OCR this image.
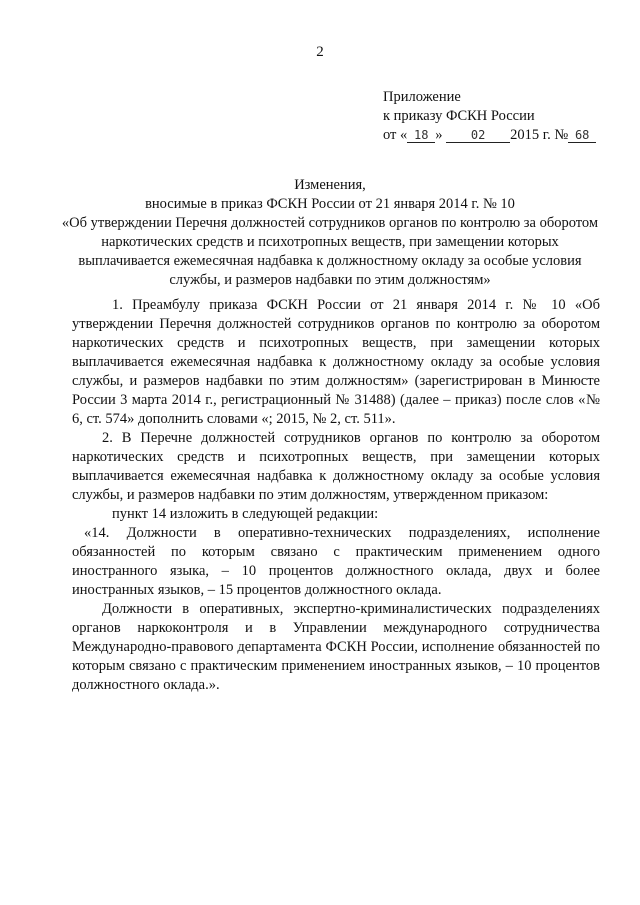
2
Приложение
к приказу ФСКН России
от « 18 » 02 2015 г. № 68
Изменения,
вносимые в приказ ФСКН России от 21 января 2014 г. № 10
«Об утверждении Перечня должностей сотрудников органов по контролю за оборотом наркотических средств и психотропных веществ, при замещении которых выплачивается ежемесячная надбавка к должностному окладу за особые условия службы, и размеров надбавки по этим должностям»

1. Преамбулу приказа ФСКН России от 21 января 2014 г. № 10 «Об утверждении Перечня должностей сотрудников органов по контролю за оборотом наркотических средств и психотропных веществ, при замещении которых выплачивается ежемесячная надбавка к должностному окладу за особые условия службы, и размеров надбавки по этим должностям» (зарегистрирован в Минюсте России 3 марта 2014 г., регистрационный № 31488) (далее – приказ) после слов «№ 6, ст. 574» дополнить словами «; 2015, № 2, ст. 511».

2. В Перечне должностей сотрудников органов по контролю за оборотом наркотических средств и психотропных веществ, при замещении которых выплачивается ежемесячная надбавка к должностному окладу за особые условия службы, и размеров надбавки по этим должностям, утвержденном приказом:

пункт 14 изложить в следующей редакции:

«14. Должности в оперативно-технических подразделениях, исполнение обязанностей по которым связано с практическим применением одного иностранного языка, – 10 процентов должностного оклада, двух и более иностранных языков, – 15 процентов должностного оклада.

Должности в оперативных, экспертно-криминалистических подразделениях органов наркоконтроля и в Управлении международного сотрудничества Международно-правового департамента ФСКН России, исполнение обязанностей по которым связано с практическим применением иностранных языков, – 10 процентов должностного оклада.».
